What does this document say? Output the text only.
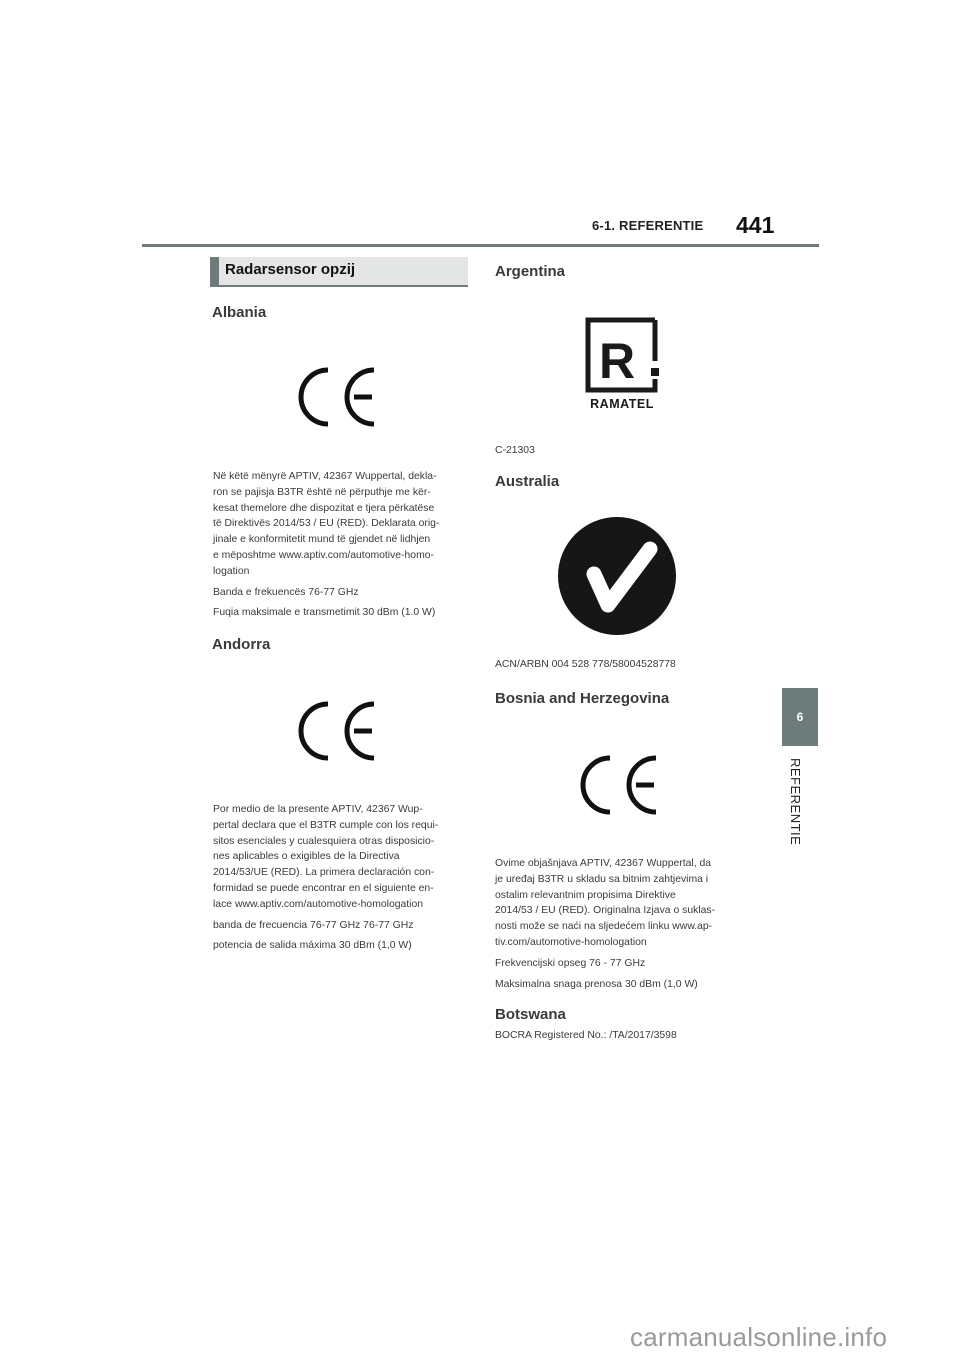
6-1. REFERENTIE 441
6
REFERENTIE
Radarsensor opzij
Albania
Në këtë mënyrë APTIV, 42367 Wuppertal, dekla-
ron se pajisja B3TR është në përputhje me kër-
kesat themelore dhe dispozitat e tjera përkatëse
të Direktivës 2014/53 / EU (RED). Deklarata orig-
jinale e konformitetit mund të gjendet në lidhjen
e mëposhtme www.aptiv.com/automotive-homo-
logation
Banda e frekuencës 76-77 GHz
Fuqia maksimale e transmetimit 30 dBm (1.0 W)
Andorra
Por medio de la presente APTIV, 42367 Wup-
pertal declara que el B3TR cumple con los requi-
sitos esenciales y cualesquiera otras disposicio-
nes aplicables o exigibles de la Directiva
2014/53/UE (RED). La primera declaración con-
formidad se puede encontrar en el siguiente en-
lace www.aptiv.com/automotive-homologation
banda de frecuencia 76-77 GHz 76-77 GHz
potencia de salida máxima 30 dBm (1,0 W)
Argentina
R
RAMATEL
C-21303
Australia
ACN/ARBN 004 528 778/58004528778
Bosnia and Herzegovina
Ovime objašnjava APTIV, 42367 Wuppertal, da
je uređaj B3TR u skladu sa bitnim zahtjevima i
ostalim relevantnim propisima Direktive
2014/53 / EU (RED). Originalna Izjava o suklas-
nosti može se naći na sljedećem linku www.ap-
tiv.com/automotive-homologation
Frekvencijski opseg 76 - 77 GHz
Maksimalna snaga prenosa 30 dBm (1,0 W)
Botswana
BOCRA Registered No.: /TA/2017/3598
carmanualsonline.info
